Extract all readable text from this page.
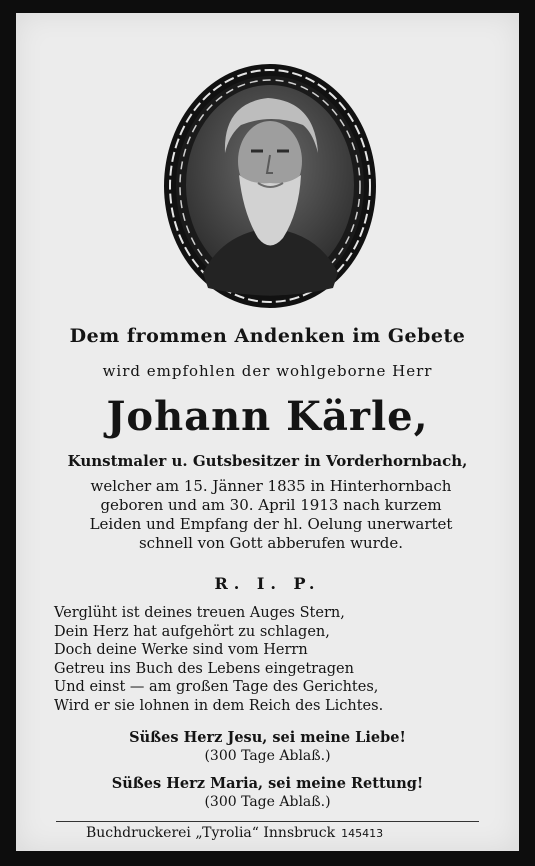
Dem frommen Andenken im Gebete
wird empfohlen der wohlgeborne Herr
Johann Kärle,
Kunstmaler u. Gutsbesitzer in Vorderhornbach,
welcher am 15. Jänner 1835 in Hinterhornbach
geboren und am 30. April 1913 nach kurzem
Leiden und Empfang der hl. Oelung unerwartet
schnell von Gott abberufen wurde.
R. I. P.
Verglüht ist deines treuen Auges Stern,
Dein Herz hat aufgehört zu schlagen,
Doch deine Werke sind vom Herrn
Getreu ins Buch des Lebens eingetragen
Und einst — am großen Tage des Gerichtes,
Wird er sie lohnen in dem Reich des Lichtes.
Süßes Herz Jesu, sei meine Liebe!
(300 Tage Ablaß.)
Süßes Herz Maria, sei meine Rettung!
(300 Tage Ablaß.)
Buchdruckerei „Tyrolia“ Innsbruck 145413
